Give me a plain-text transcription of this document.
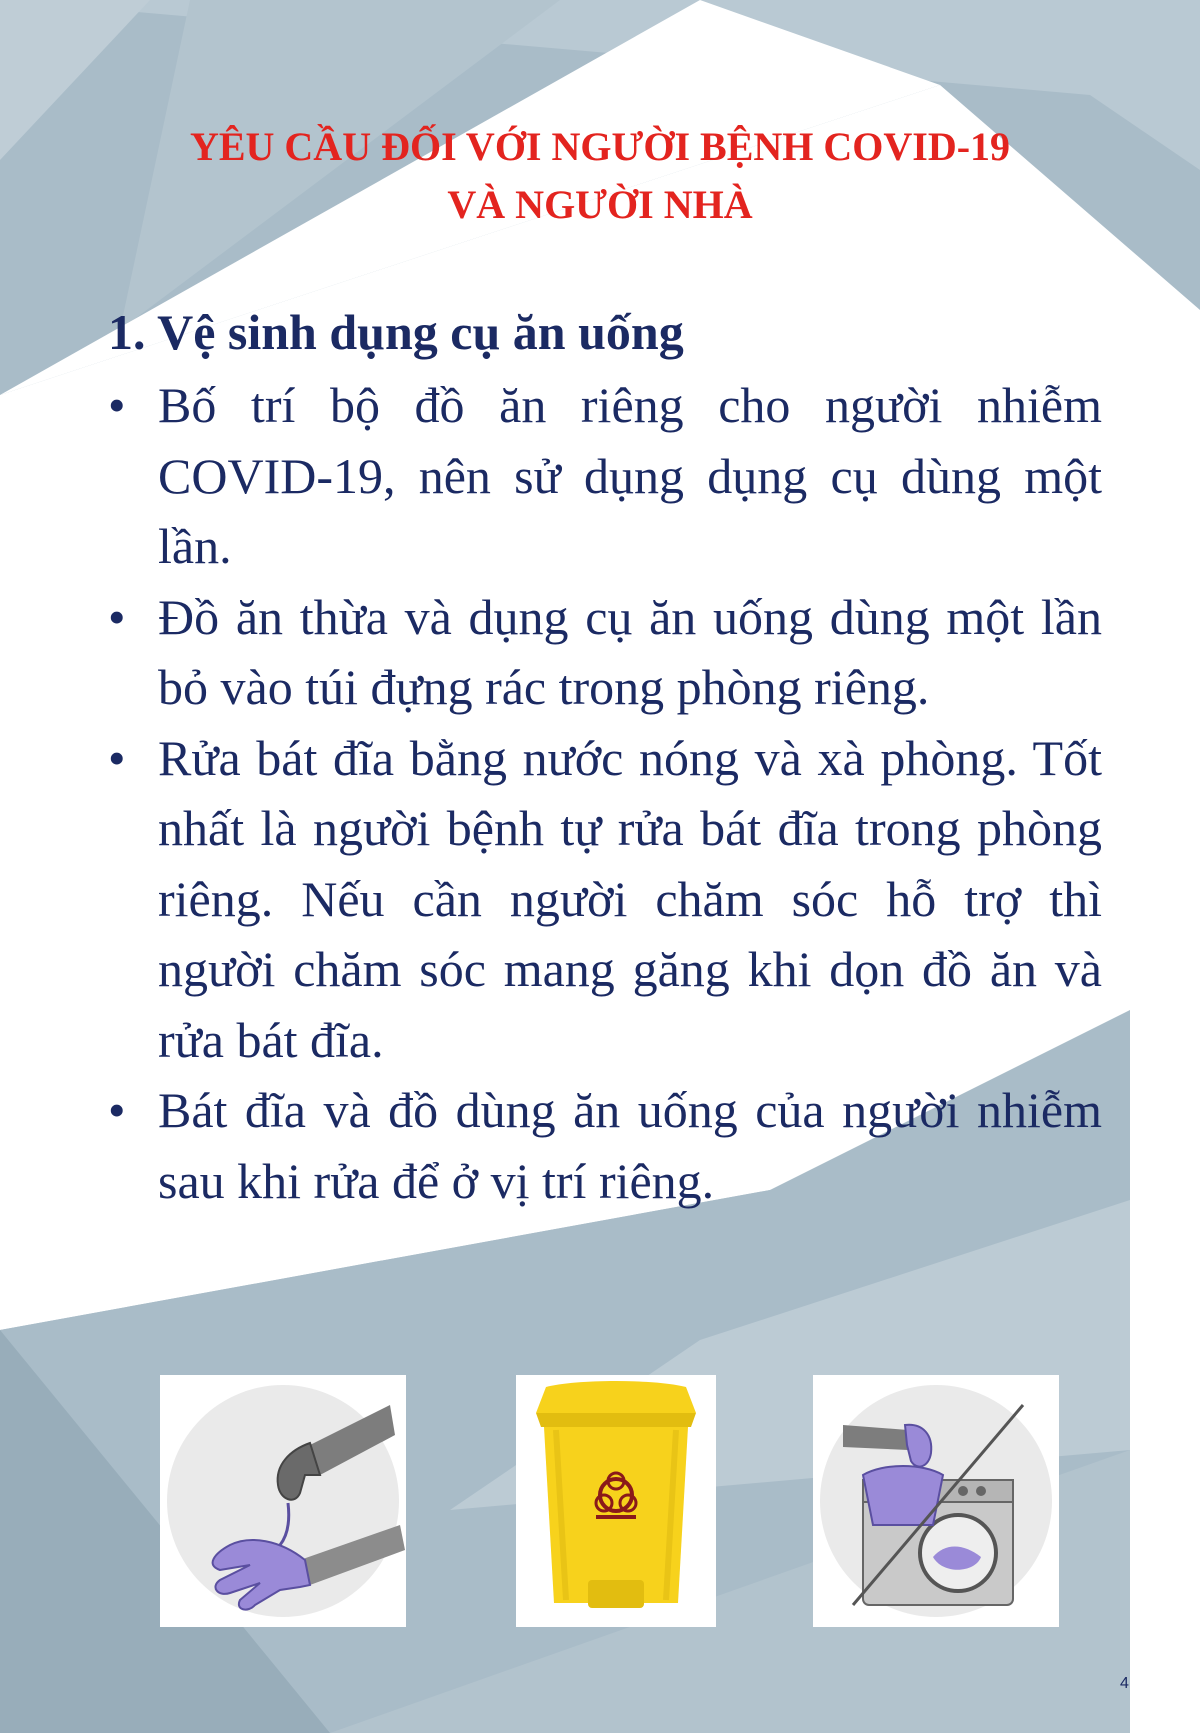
YÊU CẦU ĐỐI VỚI NGƯỜI BỆNH COVID-19
VÀ NGƯỜI NHÀ
1. Vệ sinh dụng cụ ăn uống
• Bố trí bộ đồ ăn riêng cho người nhiễm COVID-19, nên sử dụng dụng cụ dùng một lần.
• Đồ ăn thừa và dụng cụ ăn uống dùng một lần bỏ vào túi đựng rác trong phòng riêng.
• Rửa bát đĩa bằng nước nóng và xà phòng. Tốt nhất là người bệnh tự rửa bát đĩa trong phòng riêng. Nếu cần người chăm sóc hỗ trợ thì người chăm sóc mang găng khi dọn đồ ăn và rửa bát đĩa.
• Bát đĩa và đồ dùng ăn uống của người nhiễm sau khi rửa để ở vị trí riêng.
4
